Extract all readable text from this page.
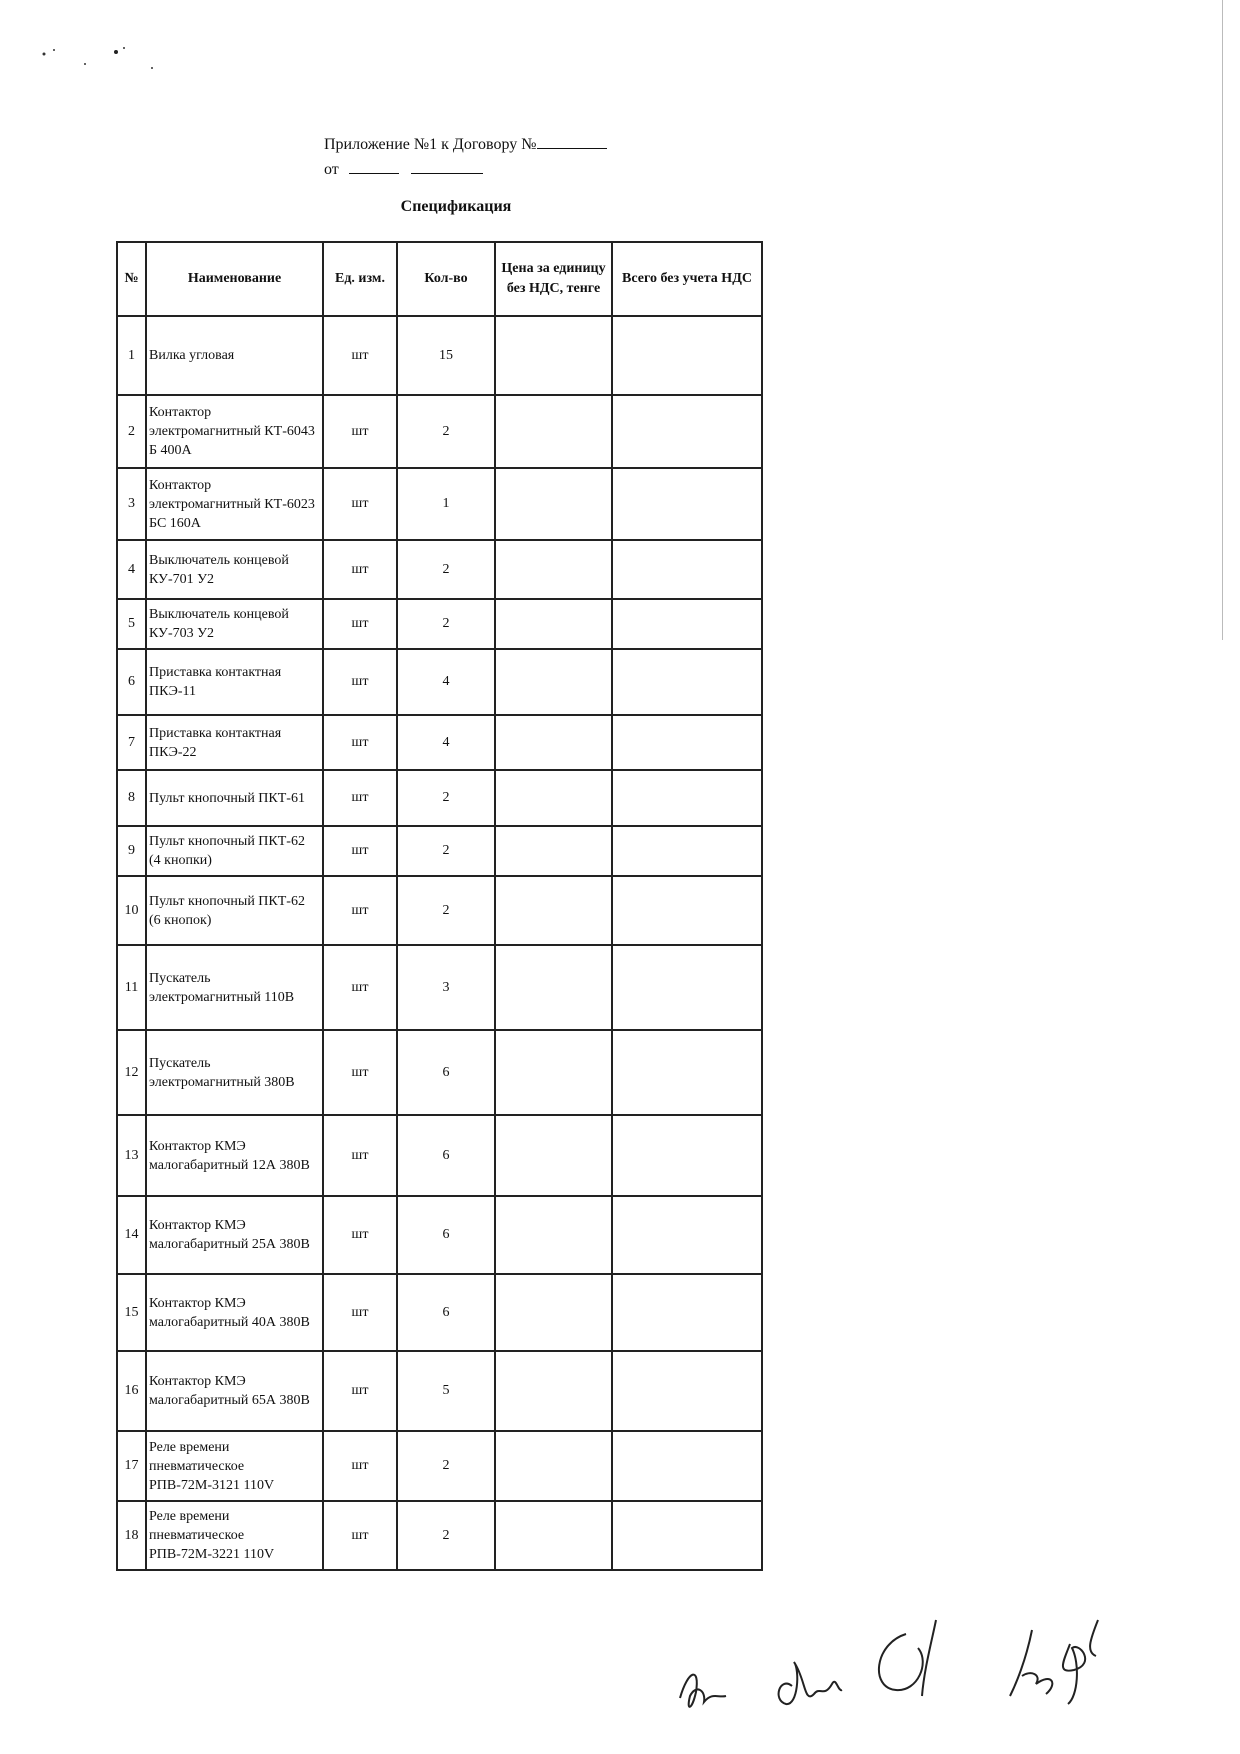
Приложение №1 к Договору №
от
Спецификация
№	Наименование	Ед. изм.	Кол-во	Цена за единицу без НДС, тенге	Всего без учета НДС
1	Вилка угловая	шт	15		
2	Контактор электромагнитный КТ-6043 Б 400А	шт	2		
3	Контактор электромагнитный КТ-6023 БС 160А	шт	1		
4	Выключатель концевой КУ-701 У2	шт	2		
5	Выключатель концевой КУ-703 У2	шт	2		
6	Приставка контактная ПКЭ-11	шт	4		
7	Приставка контактная ПКЭ-22	шт	4		
8	Пульт кнопочный ПКТ-61	шт	2		
9	Пульт кнопочный ПКТ-62 (4 кнопки)	шт	2		
10	Пульт кнопочный ПКТ-62 (6 кнопок)	шт	2		
11	Пускатель электромагнитный 110В	шт	3		
12	Пускатель электромагнитный 380В	шт	6		
13	Контактор КМЭ малогабаритный 12А 380В	шт	6		
14	Контактор КМЭ малогабаритный 25А 380В	шт	6		
15	Контактор КМЭ малогабаритный 40А 380В	шт	6		
16	Контактор КМЭ малогабаритный 65А 380В	шт	5		
17	Реле времени пневматическое РПВ-72М-3121 110V	шт	2		
18	Реле времени пневматическое РПВ-72М-3221 110V	шт	2		
